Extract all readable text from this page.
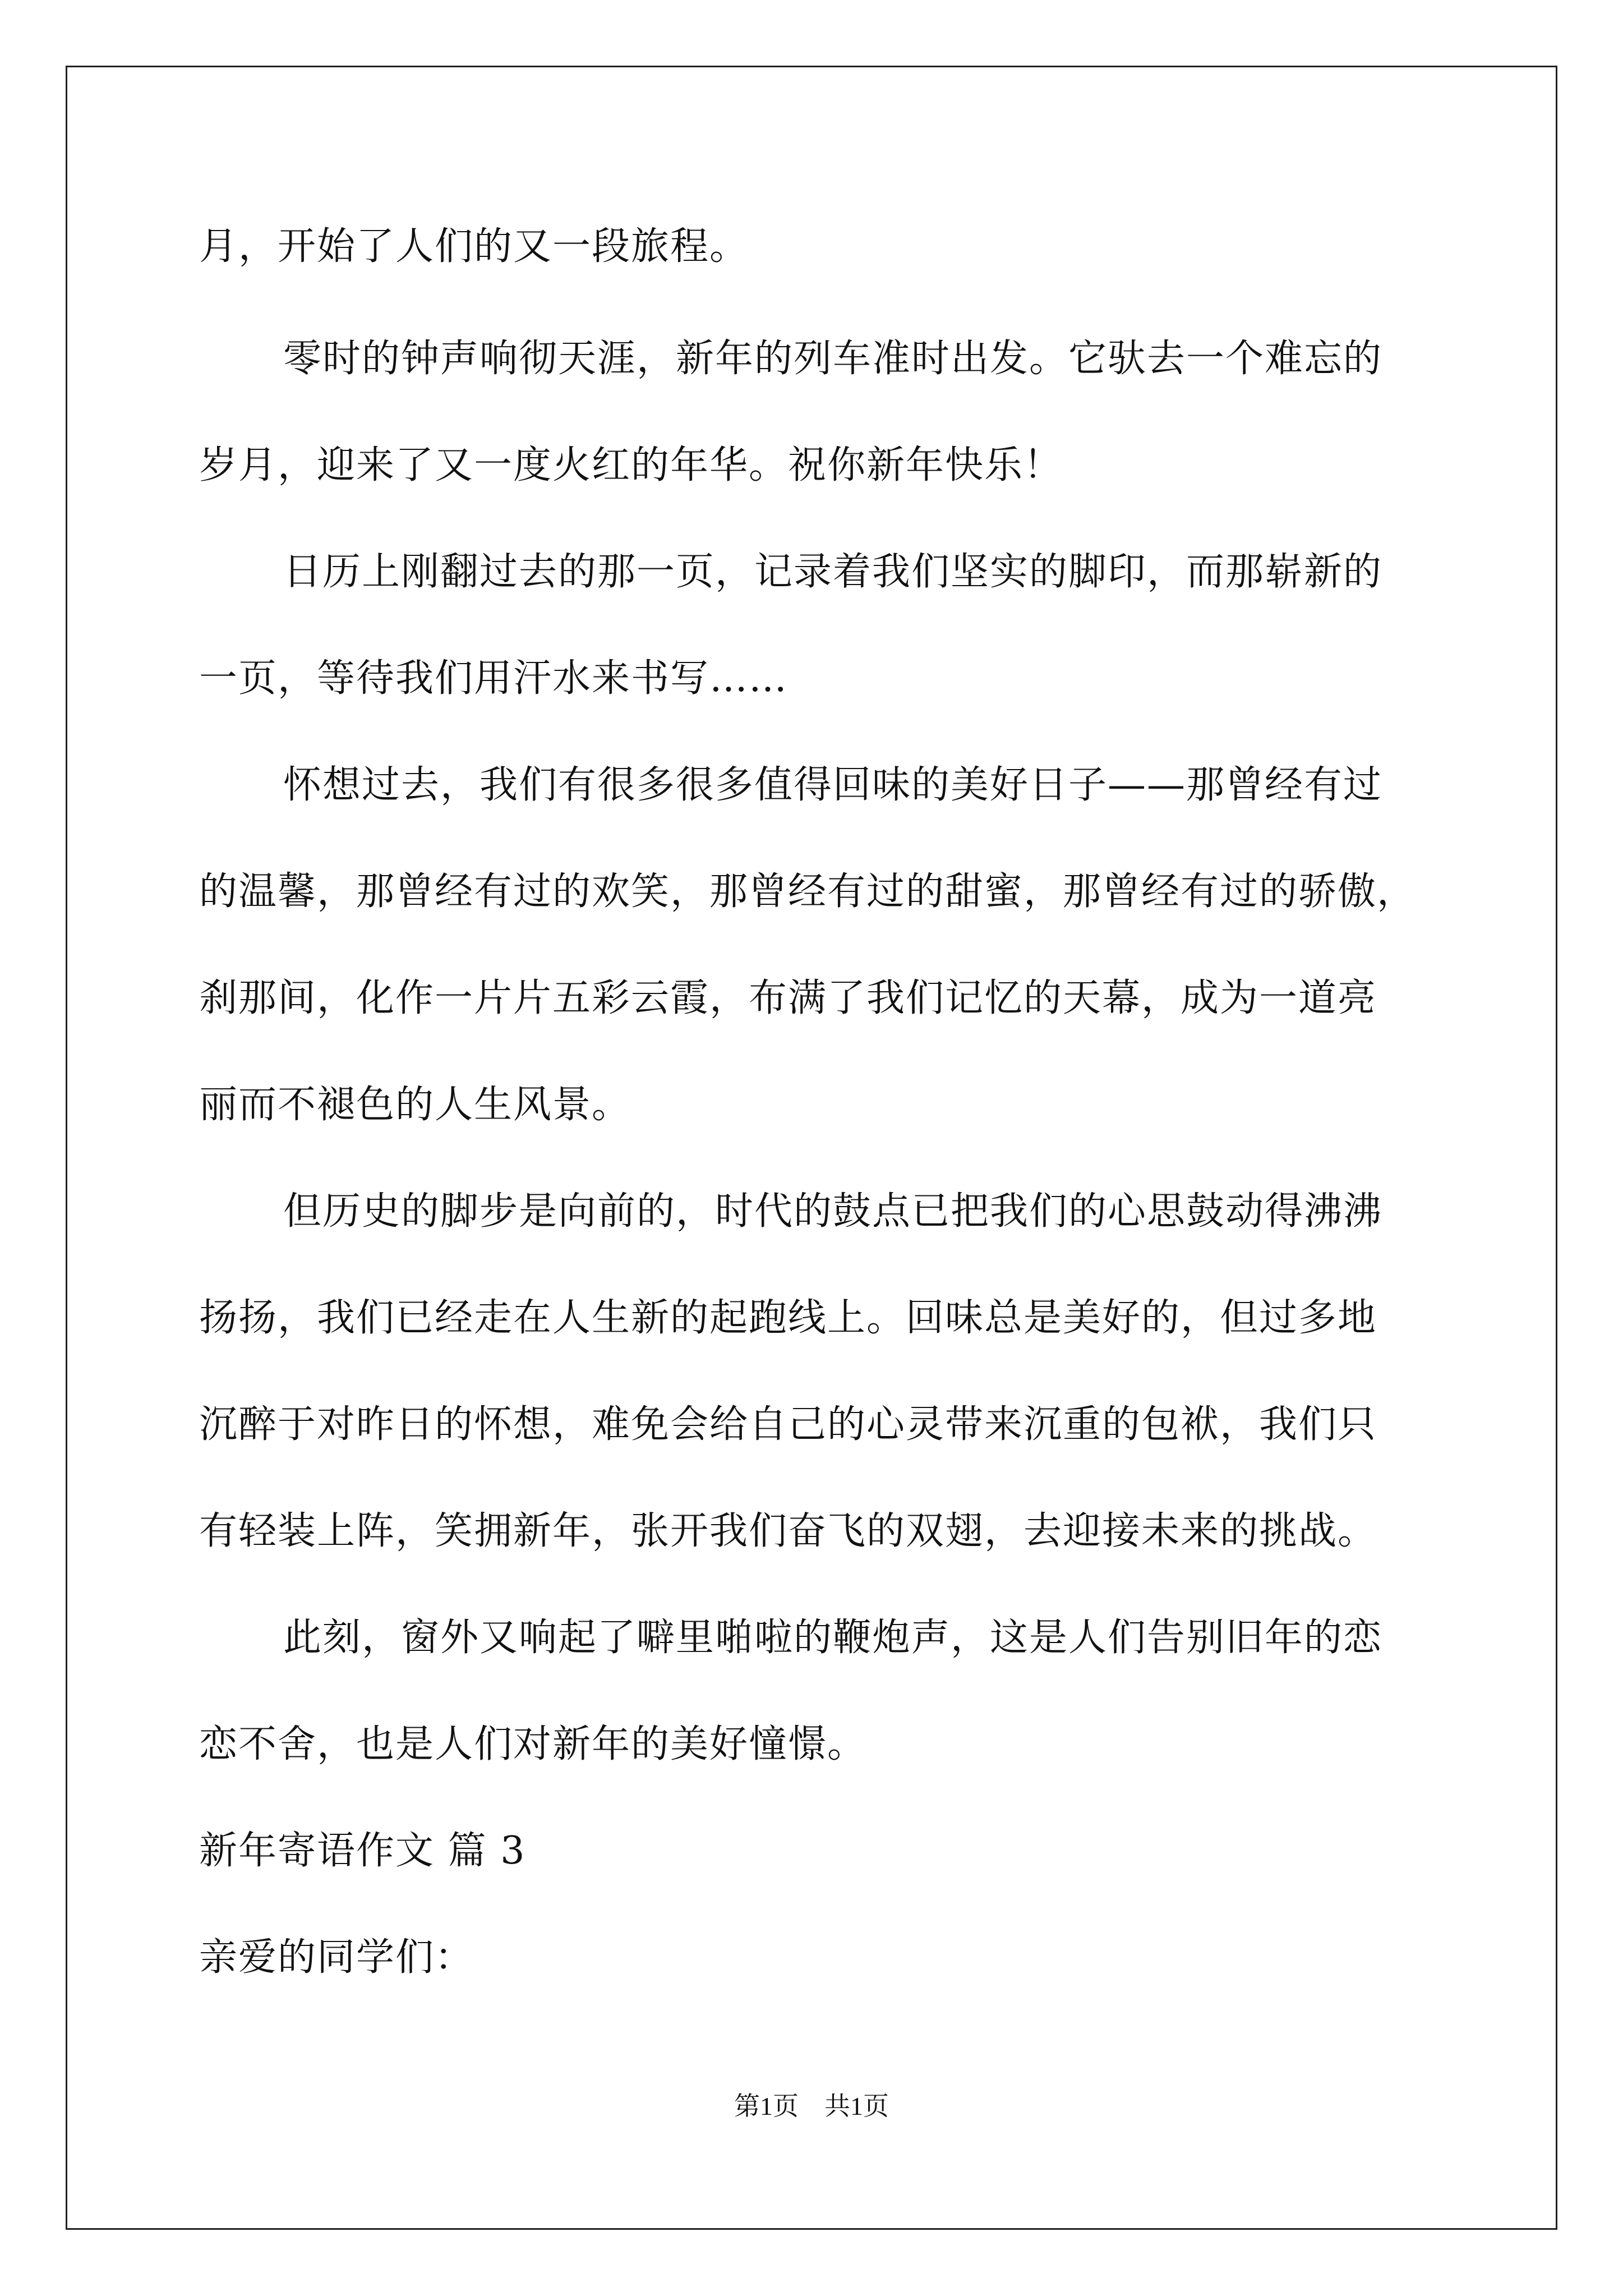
月，开始了人们的又一段旅程。
零时的钟声响彻天涯，新年的列车准时出发。它驮去一个难忘的
岁月，迎来了又一度火红的年华。祝你新年快乐！
日历上刚翻过去的那一页，记录着我们坚实的脚印，而那崭新的
一页，等待我们用汗水来书写……
怀想过去，我们有很多很多值得回味的美好日子——那曾经有过
的温馨，那曾经有过的欢笑，那曾经有过的甜蜜，那曾经有过的骄傲，
刹那间，化作一片片五彩云霞，布满了我们记忆的天幕，成为一道亮
丽而不褪色的人生风景。
但历史的脚步是向前的，时代的鼓点已把我们的心思鼓动得沸沸
扬扬，我们已经走在人生新的起跑线上。回味总是美好的，但过多地
沉醉于对昨日的怀想，难免会给自己的心灵带来沉重的包袱，我们只
有轻装上阵，笑拥新年，张开我们奋飞的双翅，去迎接未来的挑战。
此刻，窗外又响起了噼里啪啦的鞭炮声，这是人们告别旧年的恋
恋不舍，也是人们对新年的美好憧憬。
新年寄语作文 篇 3
亲爱的同学们：
第1页　共1页
